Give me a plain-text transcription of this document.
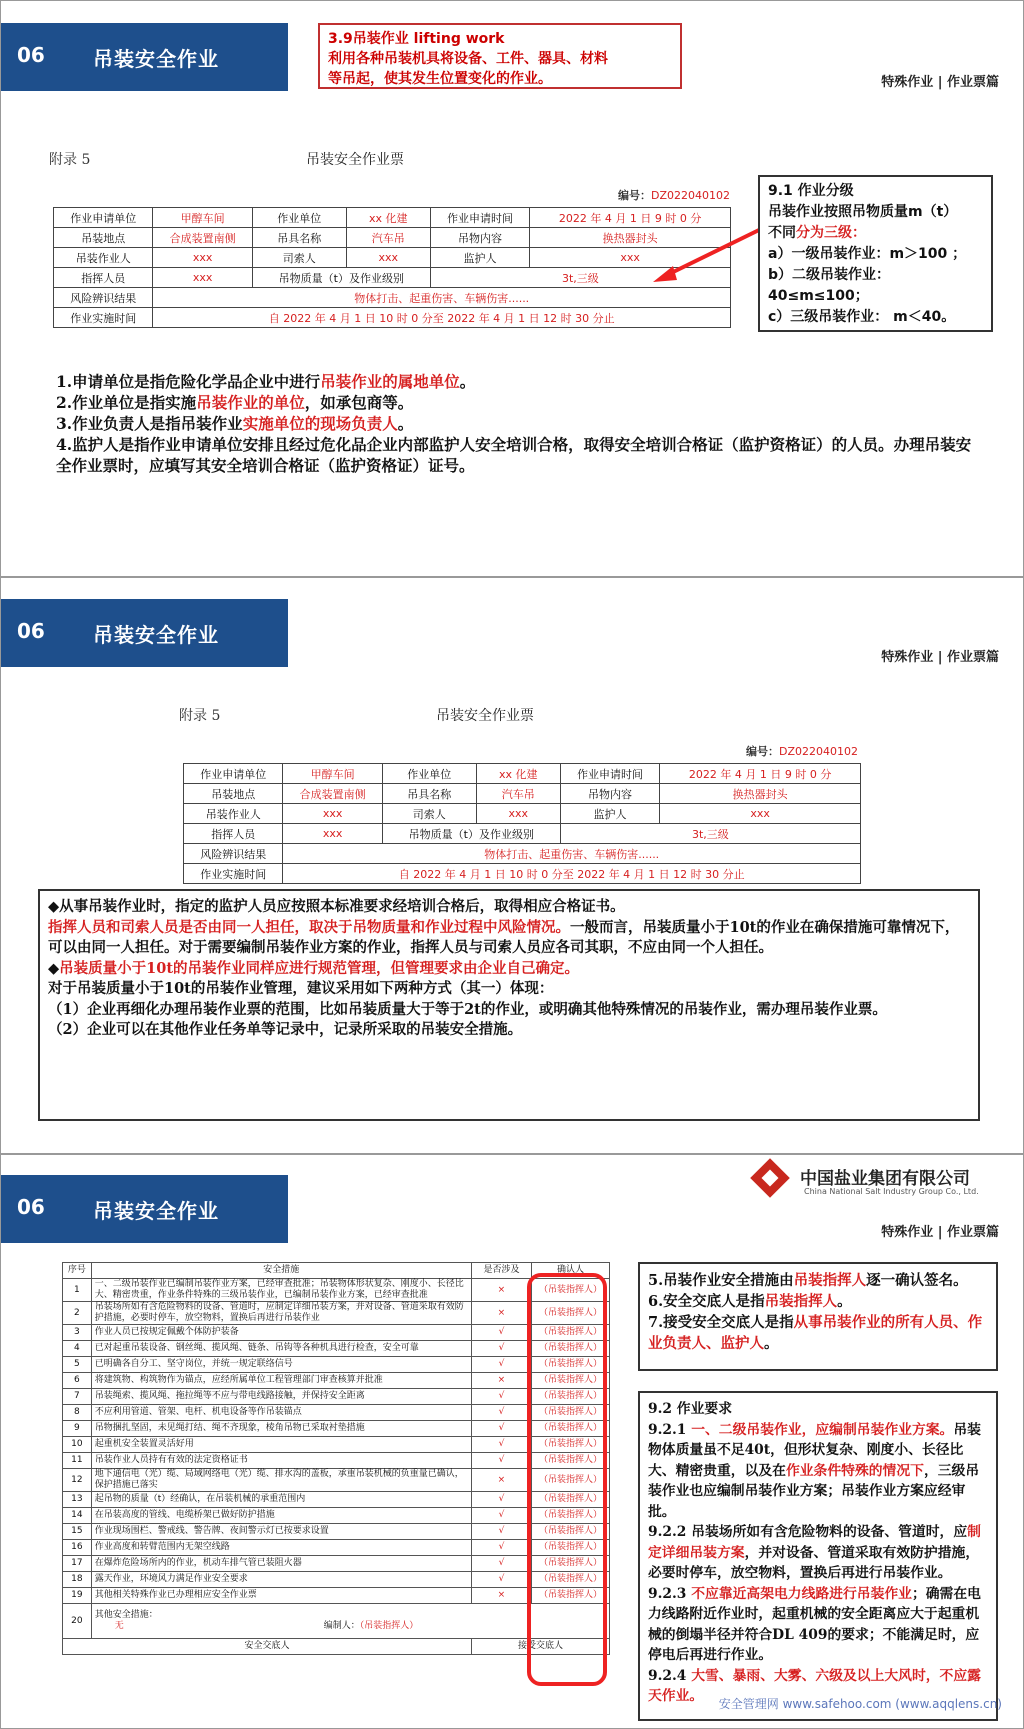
06 吊装安全作业
特殊作业 | 作业票篇
3.9吊装作业 lifting work
利用各种吊装机具将设备、工件、器具、材料
等吊起，使其发生位置变化的作业。
附录 5	吊装安全作业票
编号：DZ022040102
作业申请单位	甲醇车间	作业单位	xx 化建	作业申请时间	2022 年 4 月 1 日 9 时 0 分
吊装地点	合成装置南侧	吊具名称	汽车吊	吊物内容	换热器封头
吊装作业人	xxx	司索人	xxx	监护人	xxx
指挥人员	xxx	吊物质量（t）及作业级别		3t,三级	
风险辨识结果	物体打击、起重伤害、车辆伤害......				
作业实施时间	自 2022 年 4 月 1 日 10 时 0 分至 2022 年 4 月 1 日 12 时 30 分止				
9.1 作业分级
吊装作业按照吊物质量m（t）
不同分为三级：
a）一级吊装作业：m＞100 ；
b）二级吊装作业：
40≤m≤100；
c）三级吊装作业： m＜40。
1.申请单位是指危险化学品企业中进行吊装作业的属地单位。
2.作业单位是指实施吊装作业的单位，如承包商等。
3.作业负责人是指吊装作业实施单位的现场负责人。
4.监护人是指作业申请单位安排且经过危化品企业内部监护人安全培训合格，取得安全培训合格证（监护资格证）的人员。办理吊装安全作业票时，应填写其安全培训合格证（监护资格证）证号。
06 吊装安全作业
特殊作业 | 作业票篇
附录 5	吊装安全作业票
编号：DZ022040102
作业申请单位	甲醇车间	作业单位	xx 化建	作业申请时间	2022 年 4 月 1 日 9 时 0 分
吊装地点	合成装置南侧	吊具名称	汽车吊	吊物内容	换热器封头
吊装作业人	xxx	司索人	xxx	监护人	xxx
指挥人员	xxx	吊物质量（t）及作业级别		3t,三级	
风险辨识结果	物体打击、起重伤害、车辆伤害......				
作业实施时间	自 2022 年 4 月 1 日 10 时 0 分至 2022 年 4 月 1 日 12 时 30 分止				
◆从事吊装作业时，指定的监护人员应按照本标准要求经培训合格后，取得相应合格证书。
指挥人员和司索人员是否由同一人担任，取决于吊物质量和作业过程中风险情况。一般而言，吊装质量小于10t的作业在确保措施可靠情况下，可以由同一人担任。对于需要编制吊装作业方案的作业，指挥人员与司索人员应各司其职，不应由同一个人担任。
◆吊装质量小于10t的吊装作业同样应进行规范管理，但管理要求由企业自己确定。
对于吊装质量小于10t的吊装作业管理，建议采用如下两种方式（其一）体现：
（1）企业再细化办理吊装作业票的范围，比如吊装质量大于等于2t的作业，或明确其他特殊情况的吊装作业，需办理吊装作业票。
（2）企业可以在其他作业任务单等记录中，记录所采取的吊装安全措施。
06 吊装安全作业
特殊作业 | 作业票篇
中国盐业集团有限公司
China National Salt Industry Group Co., Ltd.
序号	安全措施	是否涉及	确认人
1	一、二级吊装作业已编制吊装作业方案，已经审查批准；吊装物体形状复杂、刚度小、长径比大、精密贵重，作业条件特殊的三级吊装作业，已编制吊装作业方案，已经审查批准	×	（吊装指挥人）
2	吊装场所如有含危险物料的设备、管道时，应制定详细吊装方案，并对设备、管道采取有效防护措施，必要时停车，放空物料，置换后再进行吊装作业	×	（吊装指挥人）
3	作业人员已按规定佩戴个体防护装备	√	（吊装指挥人）
4	已对起重吊装设备、钢丝绳、揽风绳、链条、吊钩等各种机具进行检查，安全可靠	√	（吊装指挥人）
5	已明确各自分工、坚守岗位，并统一规定联络信号	√	（吊装指挥人）
6	将建筑物、构筑物作为锚点，应经所属单位工程管理部门审查核算并批准	×	（吊装指挥人）
7	吊装绳索、揽风绳、拖拉绳等不应与带电线路接触，并保持安全距离	√	（吊装指挥人）
8	不应利用管道、管架、电杆、机电设备等作吊装锚点	√	（吊装指挥人）
9	吊物捆扎坚固，未见绳打结、绳不齐现象，棱角吊物已采取衬垫措施	√	（吊装指挥人）
10	起重机安全装置灵活好用	√	（吊装指挥人）
11	吊装作业人员持有有效的法定资格证书	√	（吊装指挥人）
12	地下通信电（光）缆、局域网络电（光）缆、排水沟的盖板，承重吊装机械的负重量已确认，保护措施已落实	×	（吊装指挥人）
13	起吊物的质量（t）经确认，在吊装机械的承重范围内	√	（吊装指挥人）
14	在吊装高度的管线、电缆桥架已做好防护措施	√	（吊装指挥人）
15	作业现场围栏、警戒线、警告牌、夜间警示灯已按要求设置	√	（吊装指挥人）
16	作业高度和转臂范围内无架空线路	√	（吊装指挥人）
17	在爆炸危险场所内的作业，机动车排气管已装阻火器	√	（吊装指挥人）
18	露天作业，环境风力满足作业安全要求	√	（吊装指挥人）
19	其他相关特殊作业已办理相应安全作业票	×	（吊装指挥人）
20	其他安全措施：
无 编制人：（吊装指挥人）		

安全交底人		接受交底人	
5.吊装作业安全措施由吊装指挥人逐一确认签名。
6.安全交底人是指吊装指挥人。
7.接受安全交底人是指从事吊装作业的所有人员、作业负责人、监护人。
9.2 作业要求
9.2.1 一、二级吊装作业，应编制吊装作业方案。吊装物体质量虽不足40t，但形状复杂、刚度小、长径比大、精密贵重，以及在作业条件特殊的情况下，三级吊装作业也应编制吊装作业方案；吊装作业方案应经审批。
9.2.2 吊装场所如有含危险物料的设备、管道时，应制定详细吊装方案，并对设备、管道采取有效防护措施，必要时停车，放空物料，置换后再进行吊装作业。
9.2.3 不应靠近高架电力线路进行吊装作业；确需在电力线路附近作业时，起重机械的安全距离应大于起重机械的倒塌半径并符合DL 409的要求；不能满足时，应停电后再进行作业。
9.2.4 大雪、暴雨、大雾、六级及以上大风时，不应露天作业。	安全管理网 www.safehoo.com (www.aqqlens.cn)
